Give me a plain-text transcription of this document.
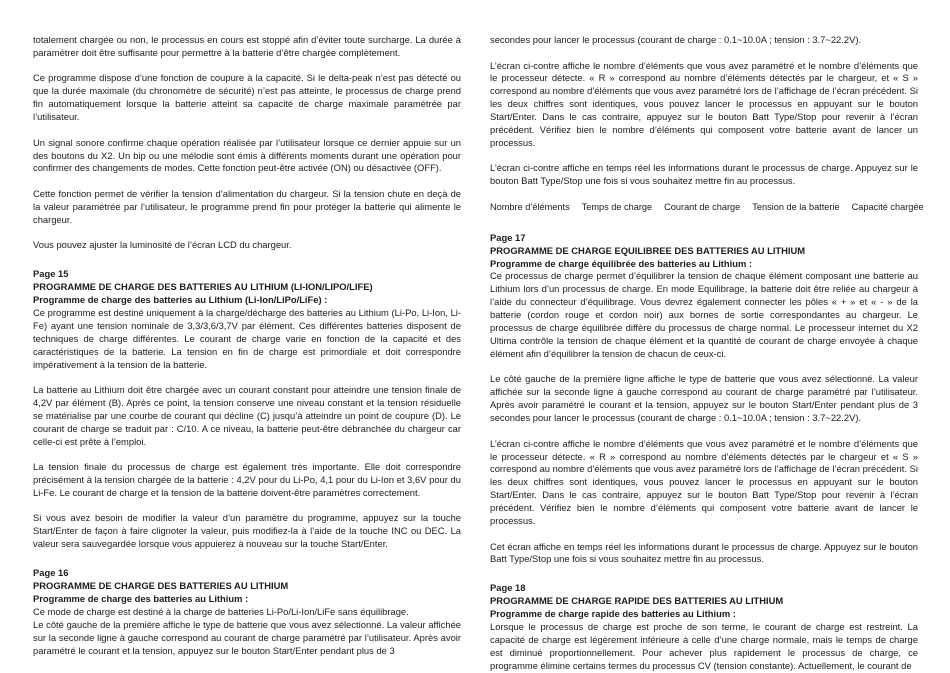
totalement chargée ou non, le processus en cours est stoppé afin d’éviter toute surcharge. La durée à paramétrer doit être suffisante pour permettre à la batterie d’être chargée complètement.

Ce programme dispose d’une fonction de coupure à la capacité. Si le delta-peak n’est pas détecté ou que la durée maximale (du chronomètre de sécurité) n’est pas atteinte, le processus de charge prend fin automatiquement lorsque la batterie atteint sa capacité de charge maximale paramétrée par l’utilisateur.

Un signal sonore confirme chaque opération réalisée par l’utilisateur lorsque ce dernier appuie sur un des boutons du X2. Un bip ou une mélodie sont émis à différents moments durant une opération pour confirmer des changements de modes. Cette fonction peut-être activée (ON) ou désactivée (OFF).

Cette fonction permet de vérifier la tension d’alimentation du chargeur. Si la tension chute en deçà de la valeur paramétrée par l’utilisateur, le programme prend fin pour protéger la batterie qui alimente le chargeur.

Vous pouvez ajuster la luminosité de l’écran LCD du chargeur.

Page 15
PROGRAMME DE CHARGE DES BATTERIES AU LITHIUM (LI-ION/LIPO/LIFE)
Programme de charge des batteries au Lithium (Li-Ion/LiPo/LiFe) :

Ce programme est destiné uniquement à la charge/décharge des batteries au Lithium (Li-Po, Li-Ion, Li-Fe) ayant une tension nominale de 3,3/3,6/3,7V par élément. Ces différentes batteries disposent de techniques de charge différentes. Le courant de charge varie en fonction de la capacité et des caractéristiques de la batterie. La tension en fin de charge est primordiale et doit correspondre impérativement à la tension de la batterie.

La batterie au Lithium doit être chargée avec un courant constant pour atteindre une tension finale de 4,2V par élément (B). Après ce point, la tension conserve une niveau constant et la tension résiduelle se matérialise par une courbe de courant qui décline (C) jusqu’à atteindre un point de coupure (D). Le courant de charge se traduit par : C/10. A ce niveau, la batterie peut-être débranchée du chargeur car celle-ci est prête à l’emploi.

La tension finale du processus de charge est également très importante. Elle doit correspondre précisément à la tension chargée de la batterie : 4,2V pour du Li-Po, 4,1 pour du Li-Ion et 3,6V pour du Li-Fe. Le courant de charge et la tension de la batterie doivent-être paramètres correctement.

Si vous avez besoin de modifier la valeur d’un paramètre du programme, appuyez sur la touche Start/Enter de façon à faire clignoter la valeur, puis modifiez-la à l’aide de la touche INC ou DEC. La valeur sera sauvegardée lorsque vous appuierez à nouveau sur la touche Start/Enter.

Page 16
PROGRAMME DE CHARGE DES BATTERIES AU LITHIUM
Programme de charge des batteries au Lithium :

Ce mode de charge est destiné à la charge de batteries Li-Po/Li-Ion/LiFe sans équilibrage.

Le côté gauche de la première affiche le type de batterie que vous avez sélectionné. La valeur affichée sur la seconde ligne à gauche correspond au courant de charge paramétré par l’utilisateur. Après avoir paramétré le courant et la tension, appuyez sur le bouton Start/Enter pendant plus de 3

secondes pour lancer le processus (courant de charge : 0.1~10.0A ; tension : 3.7~22.2V).

L’écran ci-contre affiche le nombre d’éléments que vous avez paramétré et le nombre d’éléments que le processeur détecte. « R » correspond au nombre d’éléments détectés par le chargeur, et « S » correspond au nombre d’éléments que vous avez paramétré lors de l’affichage de l’écran précédent. Si les deux chiffres sont identiques, vous pouvez lancer le processus en appuyant sur le bouton Start/Enter. Dans le cas contraire, appuyez sur le bouton Batt Type/Stop pour revenir à l’écran précédent. Vérifiez bien le nombre d’éléments qui composent votre batterie avant de lancer un processus.

L’écran ci-contre affiche en temps réel les informations durant le processus de charge. Appuyez sur le bouton Batt Type/Stop une fois si vous souhaitez mettre fin au processus.

Nombre d’éléments Temps de charge Courant de charge Tension de la batterie Capacité chargée
Page 17
PROGRAMME DE CHARGE EQUILIBREE DES BATTERIES AU LITHIUM
Programme de charge équilibrée des batteries au Lithium :

Ce processus de charge permet d’équilibrer la tension de chaque élément composant une batterie au Lithium lors d’un processus de charge. En mode Equilibrage, la batterie doit être reliée au chargeur à l’aide du connecteur d’équilibrage. Vous devrez également connecter les pôles « + » et « - » de la batterie (cordon rouge et cordon noir) aux bornes de sortie correspondantes au chargeur. Le processus de charge équilibrée diffère du processus de charge normal. Le processeur internet du X2 Ultima contrôle la tension de chaque élément et la quantité de courant de charge envoyée à chaque élément afin d’équilibrer la tension de chacun de ceux-ci.

Le côté gauche de la première ligne affiche le type de batterie que vous avez sélectionné. La valeur affichée sur la seconde ligne à gauche correspond au courant de charge paramétré par l’utilisateur. Après avoir paramétré le courant et la tension, appuyez sur le bouton Start/Enter pendant plus de 3 secondes pour lancer le processus (courant de charge : 0.1~10.0A ; tension : 3.7~22.2V).

L’écran ci-contre affiche le nombre d’éléments que vous avez paramétré et le nombre d’éléments que le processeur détecte. « R » correspond au nombre d’éléments détectés par le chargeur et « S » correspond au nombre d’éléments que vous avez paramétré lors de l’affichage de l’écran précédent. Si les deux chiffres sont identiques, vous pouvez lancer le processus en appuyant sur le bouton Start/Enter. Dans le cas contraire, appuyez sur le bouton Batt Type/Stop pour revenir à l’écran précédent. Vérifiez bien le nombre d’éléments qui composent votre batterie avant de lancer le processus.

Cet écran affiche en temps réel les informations durant le processus de charge. Appuyez sur le bouton Batt Type/Stop une fois si vous souhaitez mettre fin au processus.

Page 18
PROGRAMME DE CHARGE RAPIDE DES BATTERIES AU LITHIUM
Programme de charge rapide des batteries au Lithium :

Lorsque le processus de charge est proche de son terme, le courant de charge est restreint. La capacité de charge est légèrement inférieure à celle d’une charge normale, mais le temps de charge est diminué proportionnellement. Pour achever plus rapidement le processus de charge, ce programme élimine certains termes du processus CV (tension constante). Actuellement, le courant de
